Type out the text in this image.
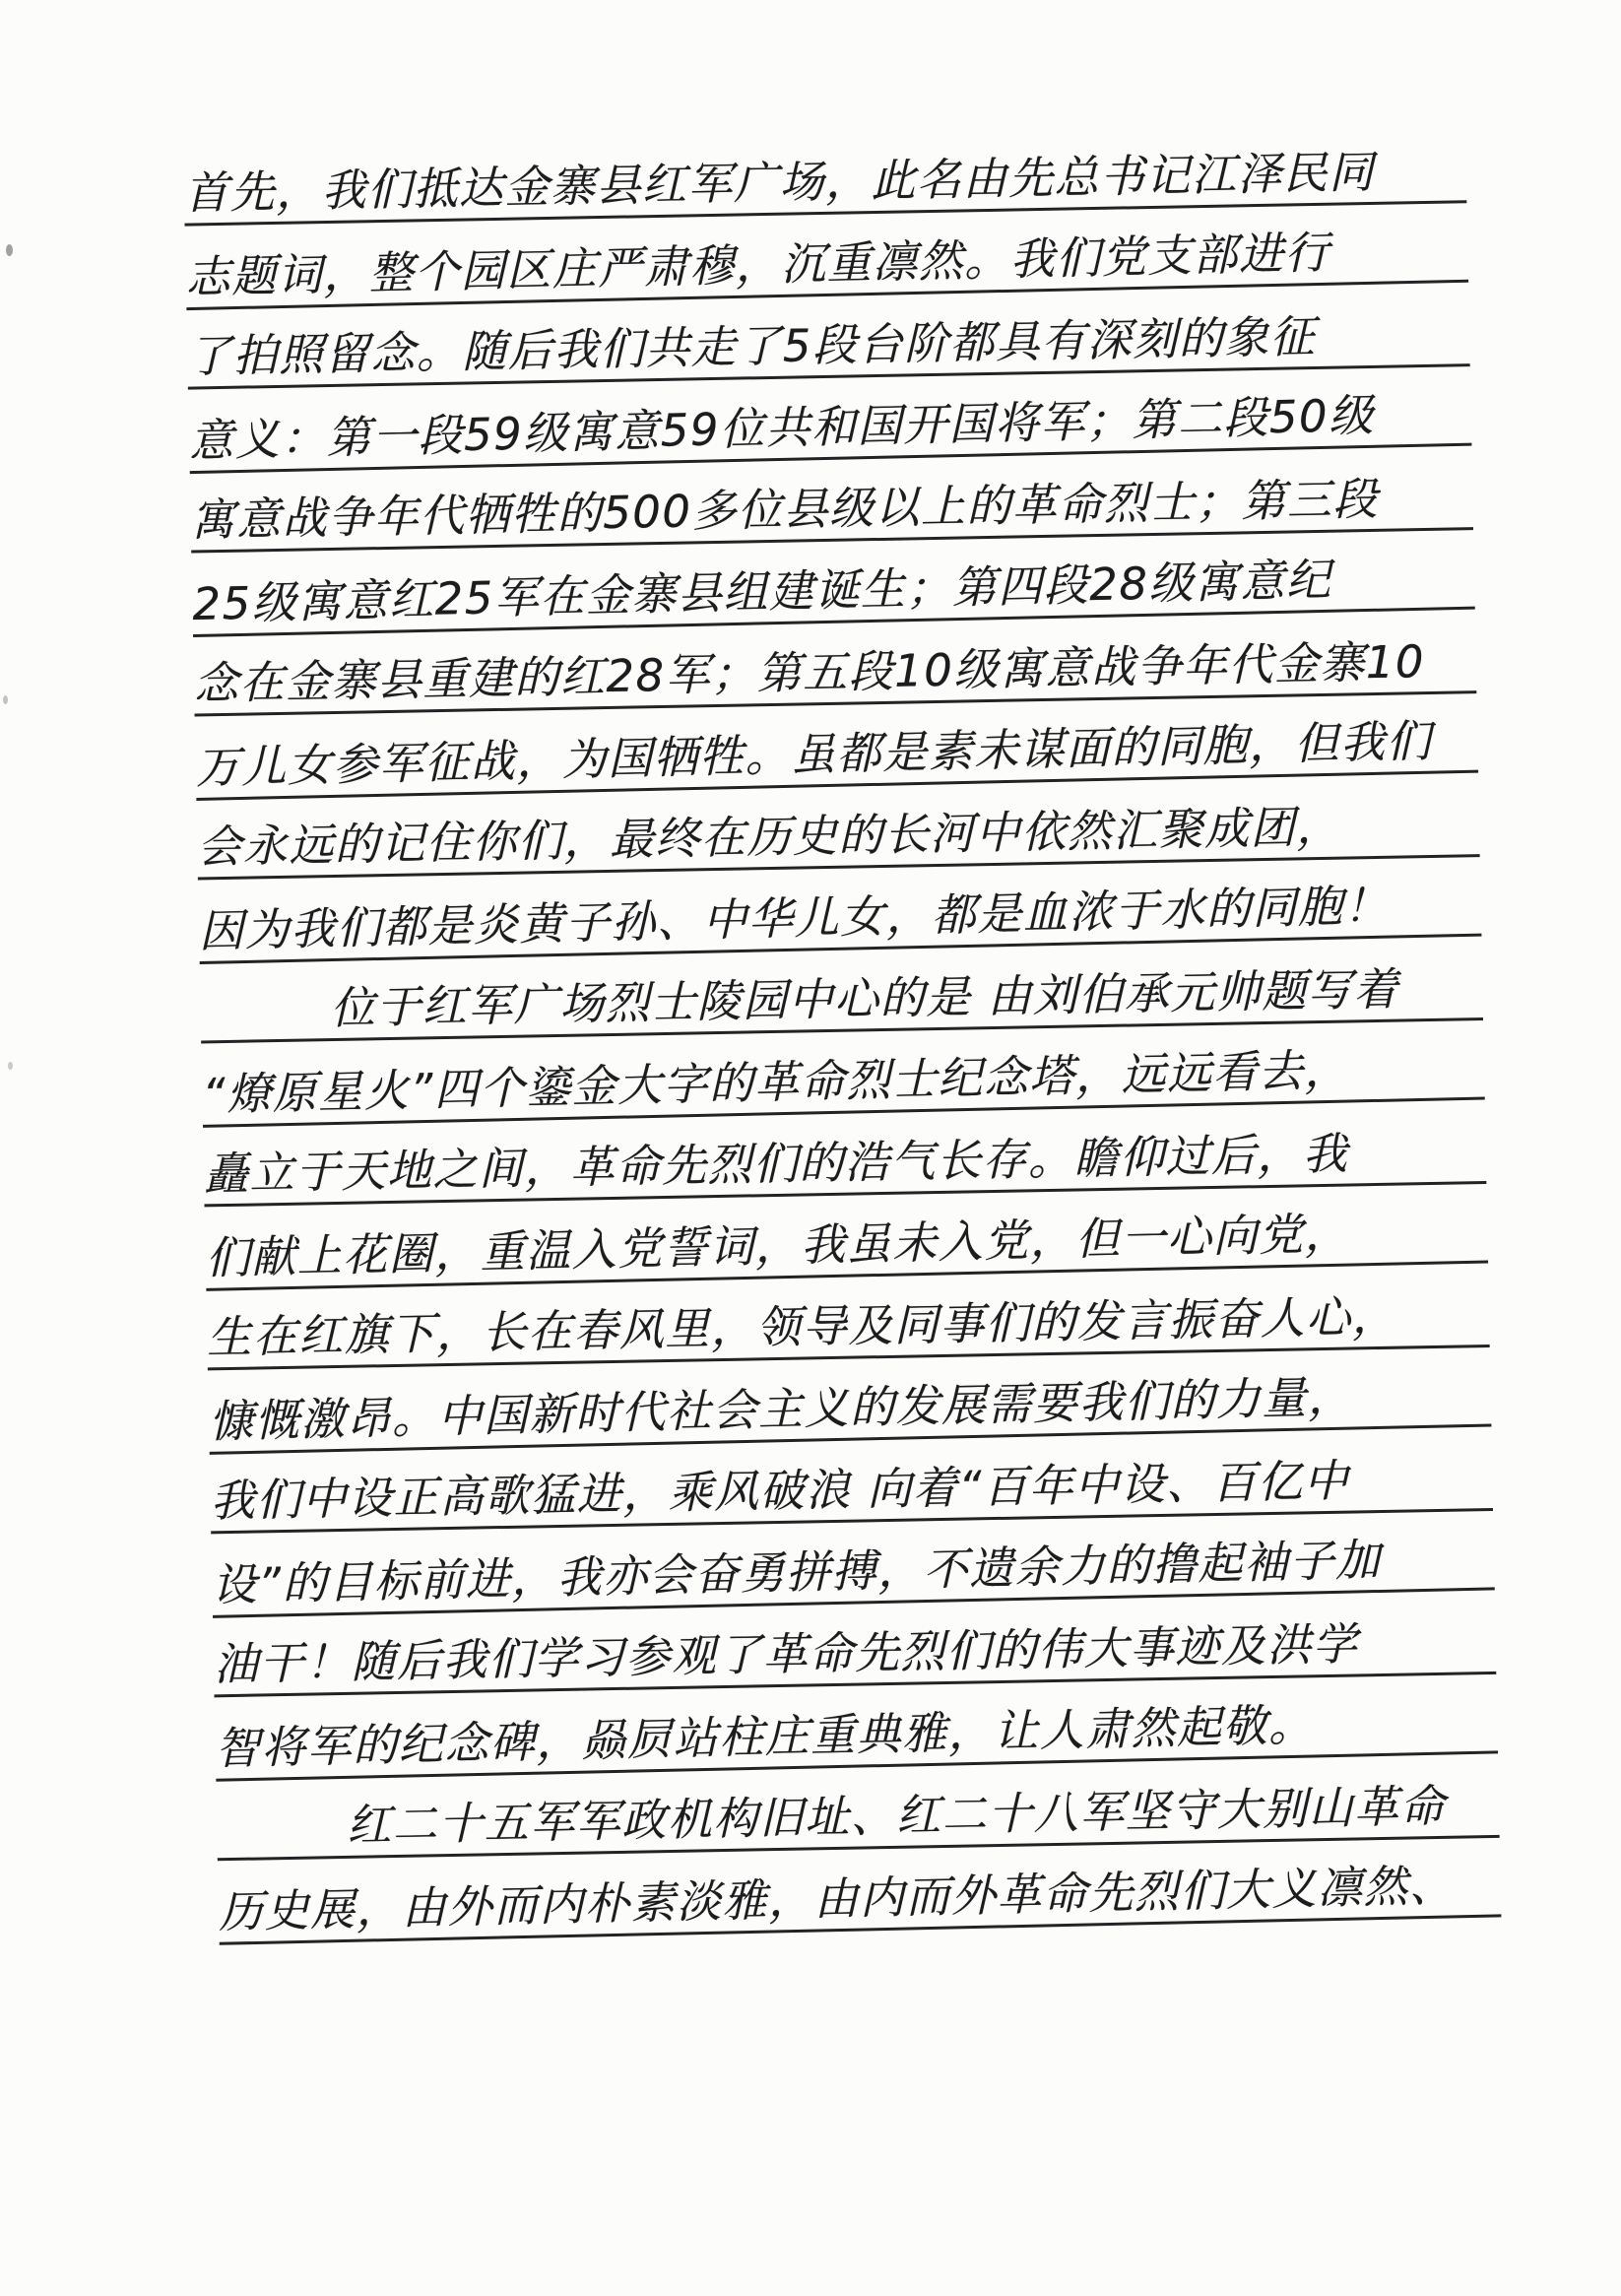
首先，我们抵达金寨县红军广场，此名由先总书记江泽民同
志题词，整个园区庄严肃穆，沉重凛然。我们党支部进行
了拍照留念。随后我们共走了5段台阶都具有深刻的象征
意义：第一段59级寓意59位共和国开国将军；第二段50级
寓意战争年代牺牲的500多位县级以上的革命烈士；第三段
25级寓意红25军在金寨县组建诞生；第四段28级寓意纪
念在金寨县重建的红28军；第五段10级寓意战争年代金寨10
万儿女参军征战，为国牺牲。虽都是素未谋面的同胞，但我们
会永远的记住你们，最终在历史的长河中依然汇聚成团，
因为我们都是炎黄子孙、中华儿女，都是血浓于水的同胞！
位于红军广场烈士陵园中心的是 由刘伯承元帅题写着
“燎原星火”四个鎏金大字的革命烈士纪念塔，远远看去，
矗立于天地之间，革命先烈们的浩气长存。瞻仰过后，我
们献上花圈，重温入党誓词，我虽未入党，但一心向党，
生在红旗下，长在春风里，领导及同事们的发言振奋人心，
慷慨激昂。中国新时代社会主义的发展需要我们的力量，
我们中设正高歌猛进，乘风破浪 向着“百年中设、百亿中
设”的目标前进，我亦会奋勇拼搏，不遗余力的撸起袖子加
油干！随后我们学习参观了革命先烈们的伟大事迹及洪学
智将军的纪念碑，赑屃站柱庄重典雅，让人肃然起敬。
红二十五军军政机构旧址、红二十八军坚守大别山革命
历史展，由外而内朴素淡雅，由内而外革命先烈们大义凛然、
